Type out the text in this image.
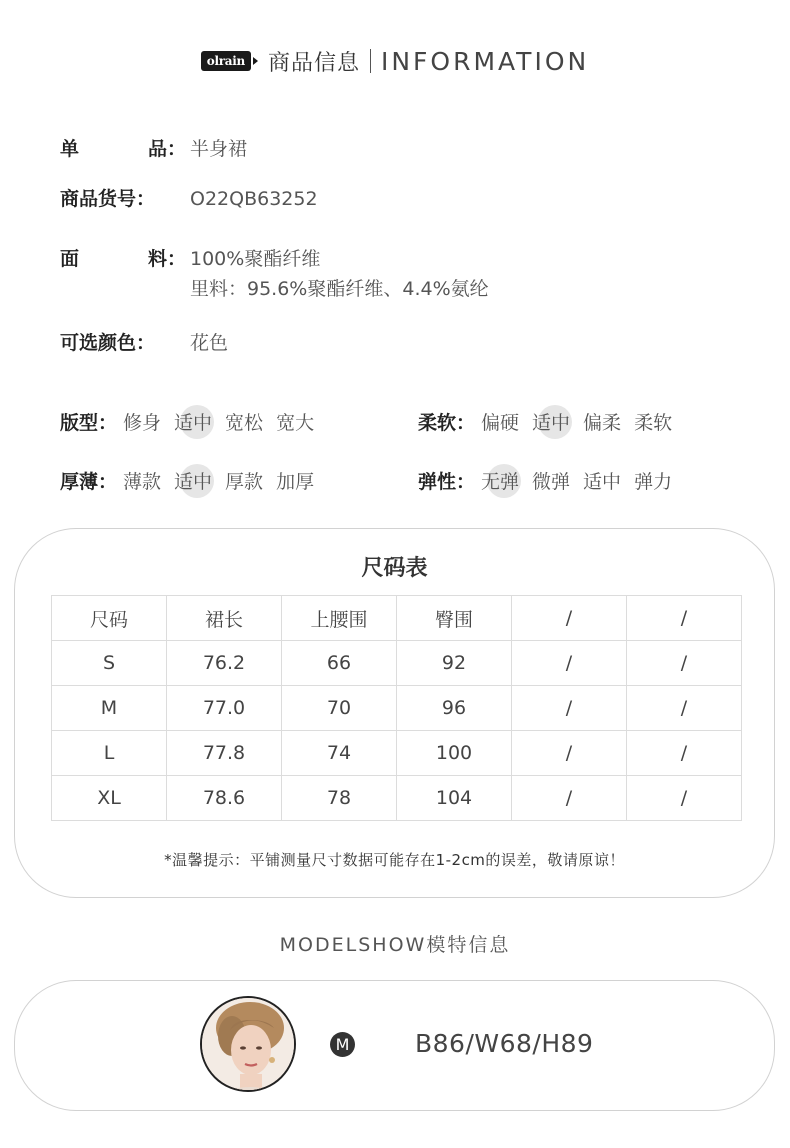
olrain 商品信息 INFORMATION
单	品： 半身裙
商品货号：	O22QB63252
面	料： 100%聚酯纤维
里料：95.6%聚酯纤维、4.4%氨纶
可选颜色：	花色
版型： 修身 适中 宽松 宽大	柔软： 偏硬 适中 偏柔 柔软
厚薄： 薄款 适中 厚款 加厚	弹性： 无弹 微弹 适中 弹力
尺码表
尺码	裙长	上腰围	臀围	/	/
S	76.2	66	92	/	/
M	77.0	70	96	/	/
L	77.8	74	100	/	/
XL	78.6	78	104	/	/
*温馨提示：平铺测量尺寸数据可能存在1-2cm的误差，敬请原谅！
MODELSHOW模特信息
M	B86/W68/H89
